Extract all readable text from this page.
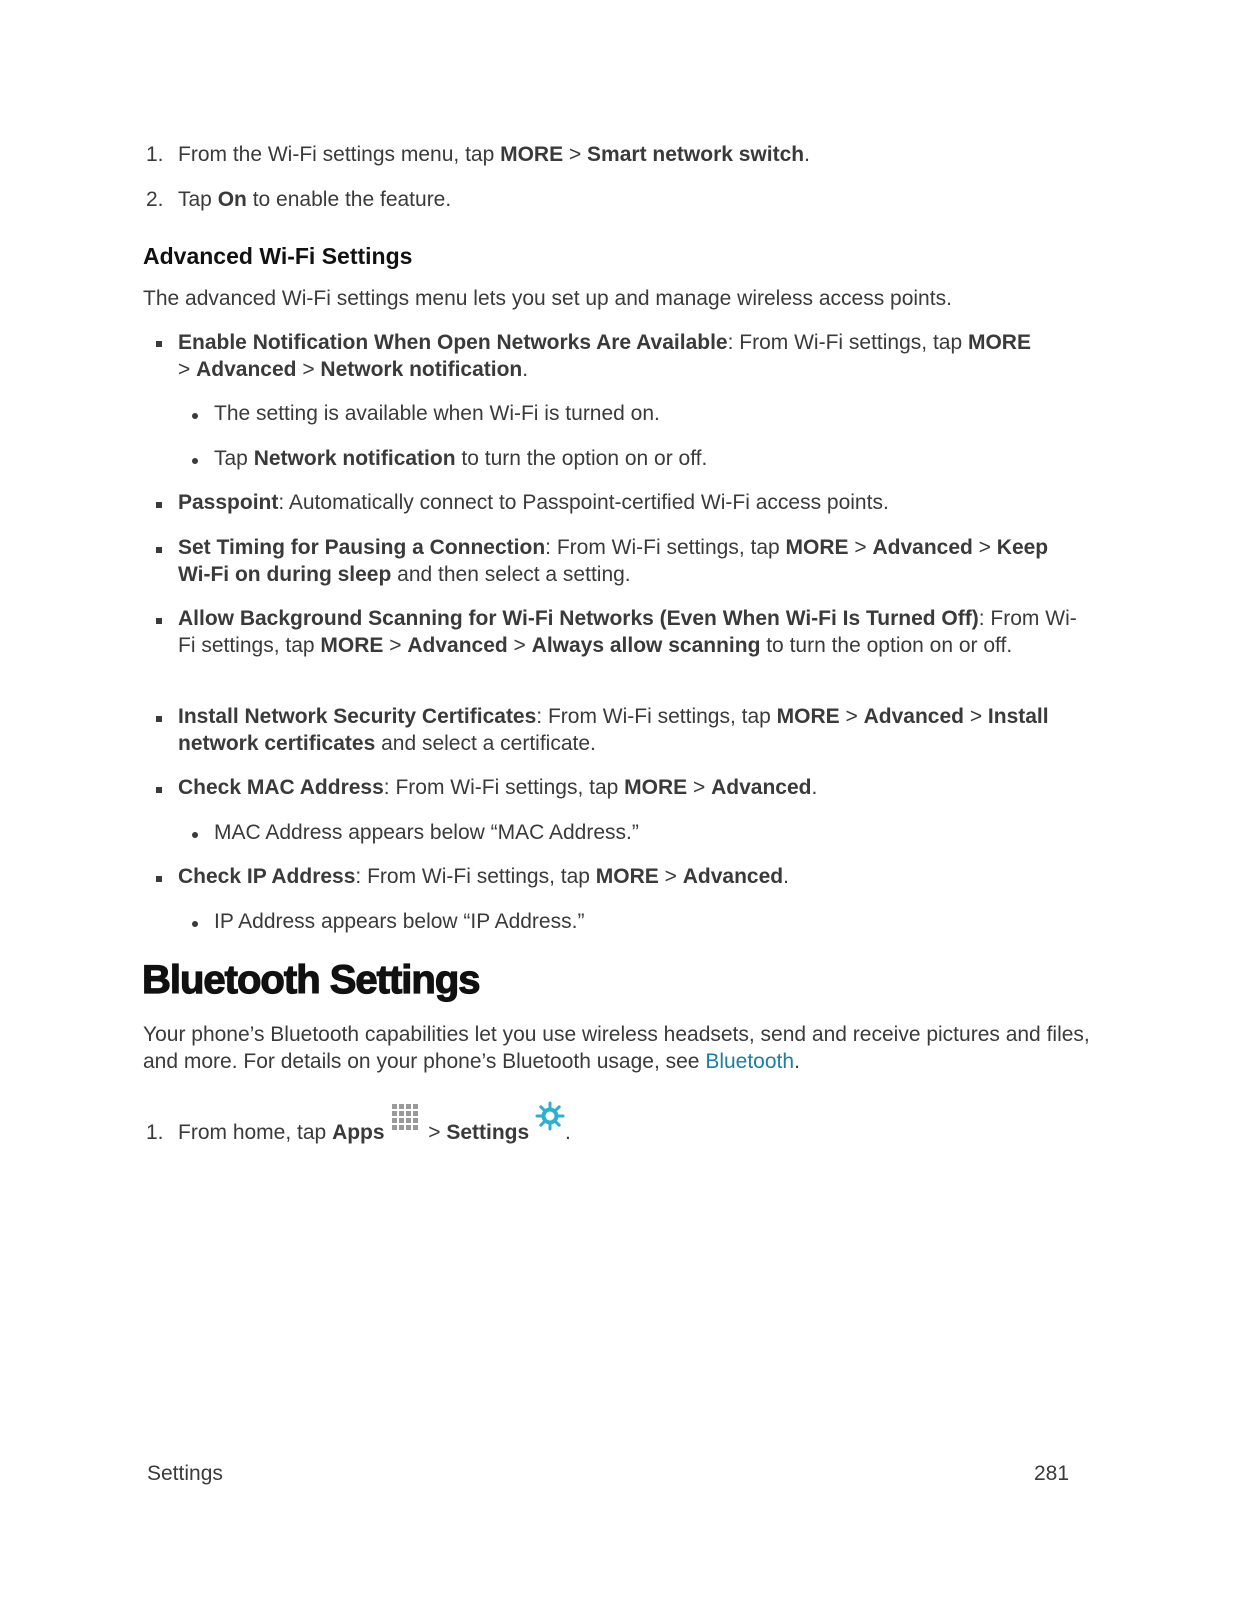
1. From the Wi-Fi settings menu, tap MORE > Smart network switch.
2. Tap On to enable the feature.
Advanced Wi-Fi Settings
The advanced Wi-Fi settings menu lets you set up and manage wireless access points.
Enable Notification When Open Networks Are Available: From Wi-Fi settings, tap MORE
> Advanced > Network notification.
The setting is available when Wi-Fi is turned on.
Tap Network notification to turn the option on or off.
Passpoint: Automatically connect to Passpoint-certified Wi-Fi access points.
Set Timing for Pausing a Connection: From Wi-Fi settings, tap MORE > Advanced > Keep Wi-Fi on during sleep and then select a setting.
Allow Background Scanning for Wi-Fi Networks (Even When Wi-Fi Is Turned Off): From Wi-Fi settings, tap MORE > Advanced > Always allow scanning to turn the option on or off.
Install Network Security Certificates: From Wi-Fi settings, tap MORE > Advanced > Install network certificates and select a certificate.
Check MAC Address: From Wi-Fi settings, tap MORE > Advanced.
MAC Address appears below “MAC Address.”
Check IP Address: From Wi-Fi settings, tap MORE > Advanced.
IP Address appears below “IP Address.”
Bluetooth Settings
Your phone’s Bluetooth capabilities let you use wireless headsets, send and receive pictures and files, and more. For details on your phone’s Bluetooth usage, see Bluetooth.
1. From home, tap Apps  > Settings .
Settings	281
